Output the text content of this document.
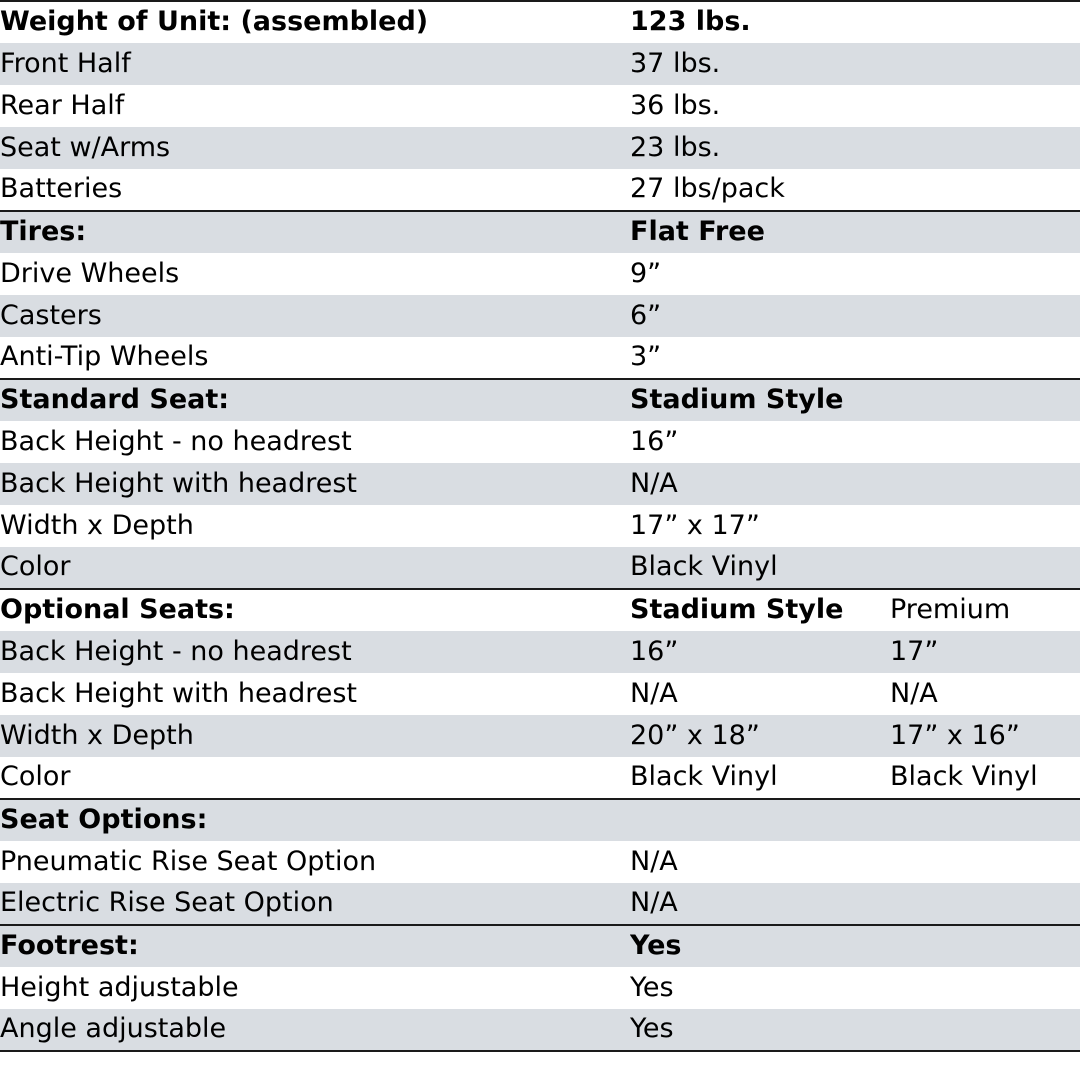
Weight of Unit: (assembled)	123 lbs.	
Front Half	37 lbs.	
Rear Half	36 lbs.	
Seat w/Arms	23 lbs.	
Batteries	27 lbs/pack	
Tires:	Flat Free	
Drive Wheels	9”	
Casters	6”	
Anti-Tip Wheels	3”	
Standard Seat:	Stadium Style	
Back Height - no headrest	16”	
Back Height with headrest	N/A	
Width x Depth	17” x 17”	
Color	Black Vinyl	
Optional Seats:	Stadium Style	Premium
Back Height - no headrest	16”	17”
Back Height with headrest	N/A	N/A
Width x Depth	20” x 18”	17” x 16”
Color	Black Vinyl	Black Vinyl
Seat Options:		
Pneumatic Rise Seat Option	N/A	
Electric Rise Seat Option	N/A	
Footrest:	Yes	
Height adjustable	Yes	
Angle adjustable	Yes	
